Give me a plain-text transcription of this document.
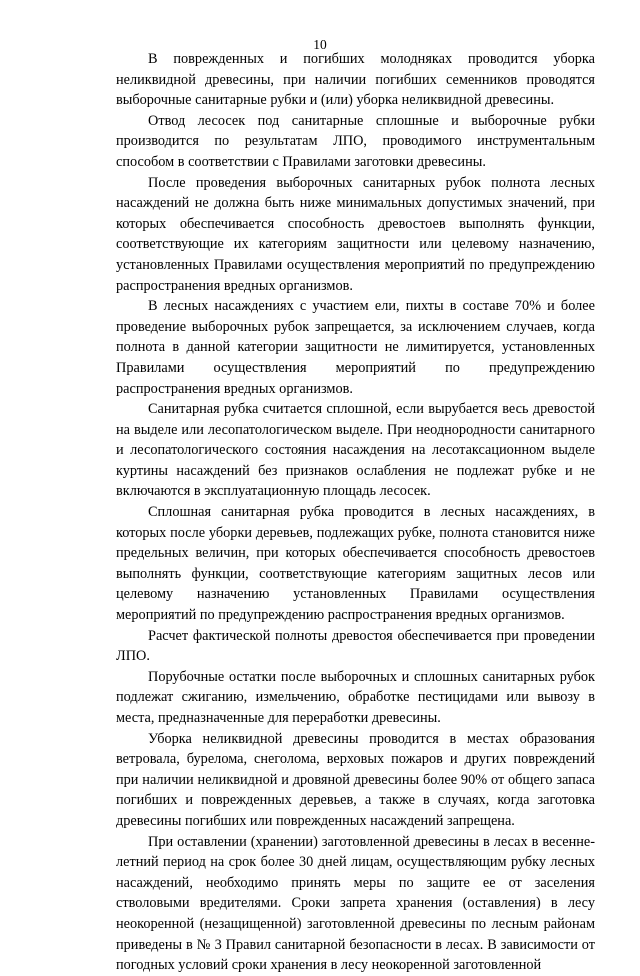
10

В поврежденных и погибших молодняках проводится уборка неликвидной древесины, при наличии погибших семенников проводятся выборочные санитарные рубки и (или) уборка неликвидной древесины.

Отвод лесосек под санитарные сплошные и выборочные рубки производится по результатам ЛПО, проводимого инструментальным способом в соответствии с Правилами заготовки древесины.

После проведения выборочных санитарных рубок полнота лесных насаждений не должна быть ниже минимальных допустимых значений, при которых обеспечивается способность древостоев выполнять функции, соответствующие их категориям защитности или целевому назначению, установленных Правилами осуществления мероприятий по предупреждению распространения вредных организмов.

В лесных насаждениях с участием ели, пихты в составе 70% и более проведение выборочных рубок запрещается, за исключением случаев, когда полнота в данной категории защитности не лимитируется, установленных Правилами осуществления мероприятий по предупреждению распространения вредных организмов.

Санитарная рубка считается сплошной, если вырубается весь древостой на выделе или лесопатологическом выделе. При неоднородности санитарного и лесопатологического состояния насаждения на лесотаксационном выделе куртины насаждений без признаков ослабления не подлежат рубке и не включаются в эксплуатационную площадь лесосек.

Сплошная санитарная рубка проводится в лесных насаждениях, в которых после уборки деревьев, подлежащих рубке, полнота становится ниже предельных величин, при которых обеспечивается способность древостоев выполнять функции, соответствующие категориям защитных лесов или целевому назначению установленных Правилами осуществления мероприятий по предупреждению распространения вредных организмов.

Расчет фактической полноты древостоя обеспечивается при проведении ЛПО.

Порубочные остатки после выборочных и сплошных санитарных рубок подлежат сжиганию, измельчению, обработке пестицидами или вывозу в места, предназначенные для переработки древесины.

Уборка неликвидной древесины проводится в местах образования ветровала, бурелома, снеголома, верховых пожаров и других повреждений при наличии неликвидной и дровяной древесины более 90% от общего запаса погибших и поврежденных деревьев, а также в случаях, когда заготовка древесины погибших или поврежденных насаждений запрещена.

При оставлении (хранении) заготовленной древесины в лесах в весенне-летний период на срок более 30 дней лицам, осуществляющим рубку лесных насаждений, необходимо принять меры по защите ее от заселения стволовыми вредителями. Сроки запрета хранения (оставления) в лесу неокоренной (незащищенной) заготовленной древесины по лесным районам приведены в № 3 Правил санитарной безопасности в лесах. В зависимости от погодных условий сроки хранения в лесу неокоренной заготовленной
